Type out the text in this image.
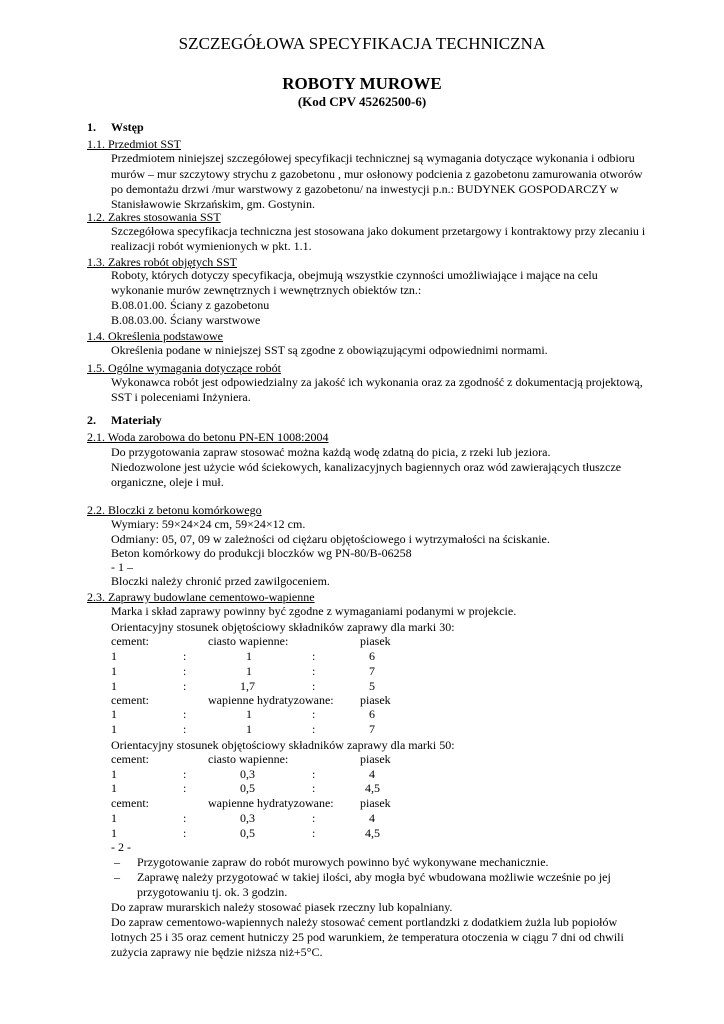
SZCZEGÓŁOWA SPECYFIKACJA TECHNICZNA
ROBOTY MUROWE
(Kod CPV 45262500-6)
1. Wstęp
1.1. Przedmiot SST
Przedmiotem niniejszej szczegółowej specyfikacji technicznej są wymagania dotyczące wykonania i odbioru
murów – mur szczytowy strychu z gazobetonu , mur osłonowy podcienia z gazobetonu zamurowania otworów
po demontażu drzwi /mur warstwowy z gazobetonu/ na inwestycji p.n.: BUDYNEK GOSPODARCZY w
Stanisławowie Skrzańskim, gm. Gostynin.
1.2. Zakres stosowania SST
Szczegółowa specyfikacja techniczna jest stosowana jako dokument przetargowy i kontraktowy przy zlecaniu i
realizacji robót wymienionych w pkt. 1.1.
1.3. Zakres robót objętych SST
Roboty, których dotyczy specyfikacja, obejmują wszystkie czynności umożliwiające i mające na celu
wykonanie murów zewnętrznych i wewnętrznych obiektów tzn.:
B.08.01.00. Ściany z gazobetonu
B.08.03.00. Ściany warstwowe
1.4. Określenia podstawowe
Określenia podane w niniejszej SST są zgodne z obowiązującymi odpowiednimi normami.
1.5. Ogólne wymagania dotyczące robót
Wykonawca robót jest odpowiedzialny za jakość ich wykonania oraz za zgodność z dokumentacją projektową,
SST i poleceniami Inżyniera.
2. Materiały
2.1. Woda zarobowa do betonu PN-EN 1008:2004
Do przygotowania zapraw stosować można każdą wodę zdatną do picia, z rzeki lub jeziora.
Niedozwolone jest użycie wód ściekowych, kanalizacyjnych bagiennych oraz wód zawierających tłuszcze
organiczne, oleje i muł.
2.2. Bloczki z betonu komórkowego
Wymiary: 59×24×24 cm, 59×24×12 cm.
Odmiany: 05, 07, 09 w zależności od ciężaru objętościowego i wytrzymałości na ściskanie.
Beton komórkowy do produkcji bloczków wg PN-80/B-06258
- 1 –
Bloczki należy chronić przed zawilgoceniem.
2.3. Zaprawy budowlane cementowo-wapienne
Marka i skład zaprawy powinny być zgodne z wymaganiami podanymi w projekcie.
Orientacyjny stosunek objętościowy składników zaprawy dla marki 30:
cement:	ciasto wapienne:	piasek
1	:	1	:	6
1	:	1	:	7
1	:	1,7	:	5
cement:	wapienne hydratyzowane: piasek
1	:	1	:	6
1	:	1	:	7
Orientacyjny stosunek objętościowy składników zaprawy dla marki 50:
cement:	ciasto wapienne:	piasek
1	:	0,3	:	4
1	:	0,5	:	4,5
cement:	wapienne hydratyzowane: piasek
1	:	0,3	:	4
1	:	0,5	:	4,5
- 2 -
– Przygotowanie zapraw do robót murowych powinno być wykonywane mechanicznie.
– Zaprawę należy przygotować w takiej ilości, aby mogła być wbudowana możliwie wcześnie po jej
przygotowaniu tj. ok. 3 godzin.
Do zapraw murarskich należy stosować piasek rzeczny lub kopalniany.
Do zapraw cementowo-wapiennych należy stosować cement portlandzki z dodatkiem żużla lub popiołów
lotnych 25 i 35 oraz cement hutniczy 25 pod warunkiem, że temperatura otoczenia w ciągu 7 dni od chwili
zużycia zaprawy nie będzie niższa niż+5°C.
